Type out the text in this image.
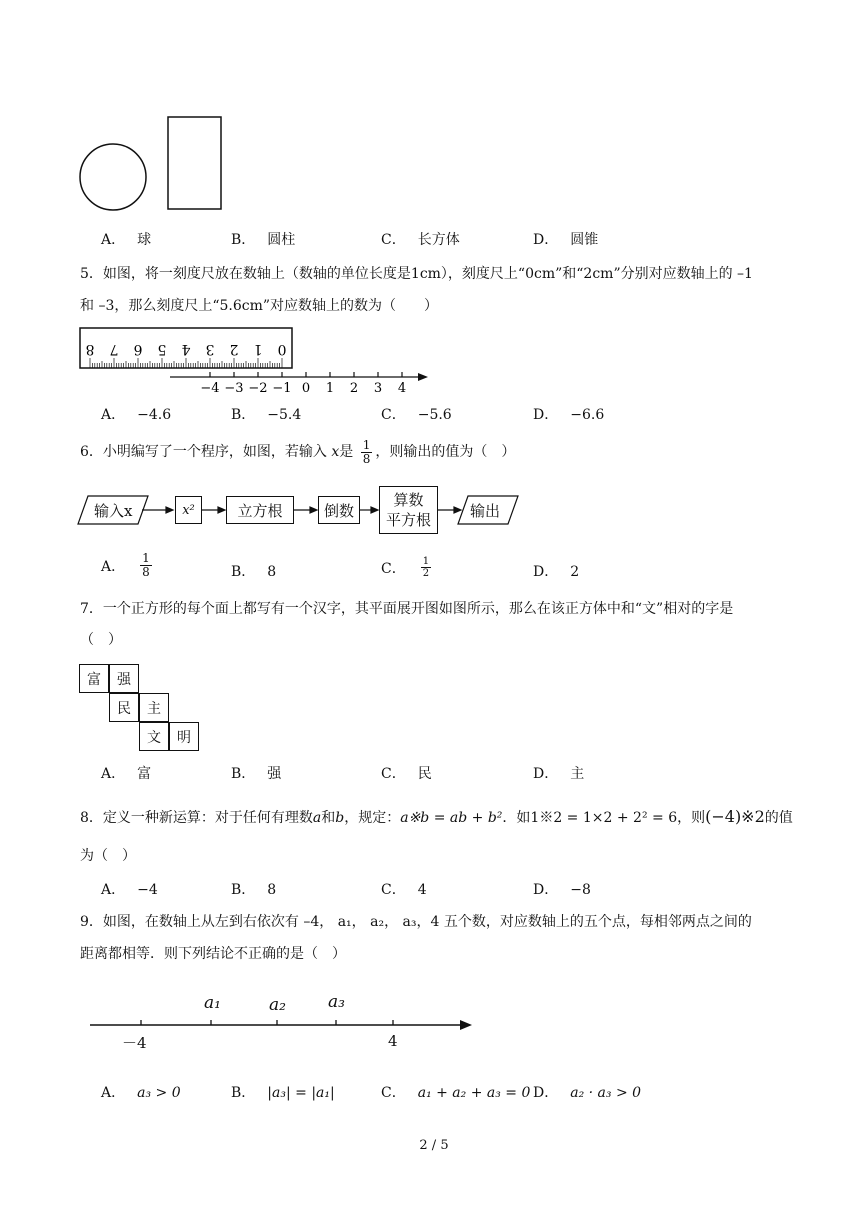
A． 球	B． 圆柱	C． 长方体	D． 圆锥
5．如图，将一刻度尺放在数轴上（数轴的单位长度是1cm），刻度尺上“0cm”和“2cm”分别对应数轴上的 –1
和 –3，那么刻度尺上“5.6cm”对应数轴上的数为（　　）
0
1
2
3
4
5
6
7
8
−4 −3 −2 −1 0 1 2 3 4
A． −4.6	B． −5.4	C． −5.6	D． −6.6
6．小明编写了一个程序，如图，若输入 x是 $\frac{1}{8}$ ，则输出的值为（　）
输入x	x²	立方根	倒数
算数
平方根	输出
A． $\frac{1}{8}$	B． 8	C． $\frac{1}{2}$	D． 2
7．一个正方形的每个面上都写有一个汉字，其平面展开图如图所示，那么在该正方体中和“文”相对的字是
（　）
富	强
民	主
文	明
A． 富	B． 强	C． 民	D． 主
8．定义一种新运算：对于任何有理数a和b，规定：a※b = ab + b²．如1※2 = 1×2 + 2² = 6，则(−4)※2的值
为（　）
A． −4	B． 8	C． 4	D． −8
9．如图，在数轴上从左到右依次有 –4， a₁， a₂， a₃，4 五个数，对应数轴上的五个点，每相邻两点之间的
距离都相等．则下列结论不正确的是（　）
a₁	a₂ a₃
－4	4
A． a₃ > 0	B． |a₃| = |a₁|	C． a₁ + a₂ + a₃ = 0 D． a₂ · a₃ > 0
2 / 5
